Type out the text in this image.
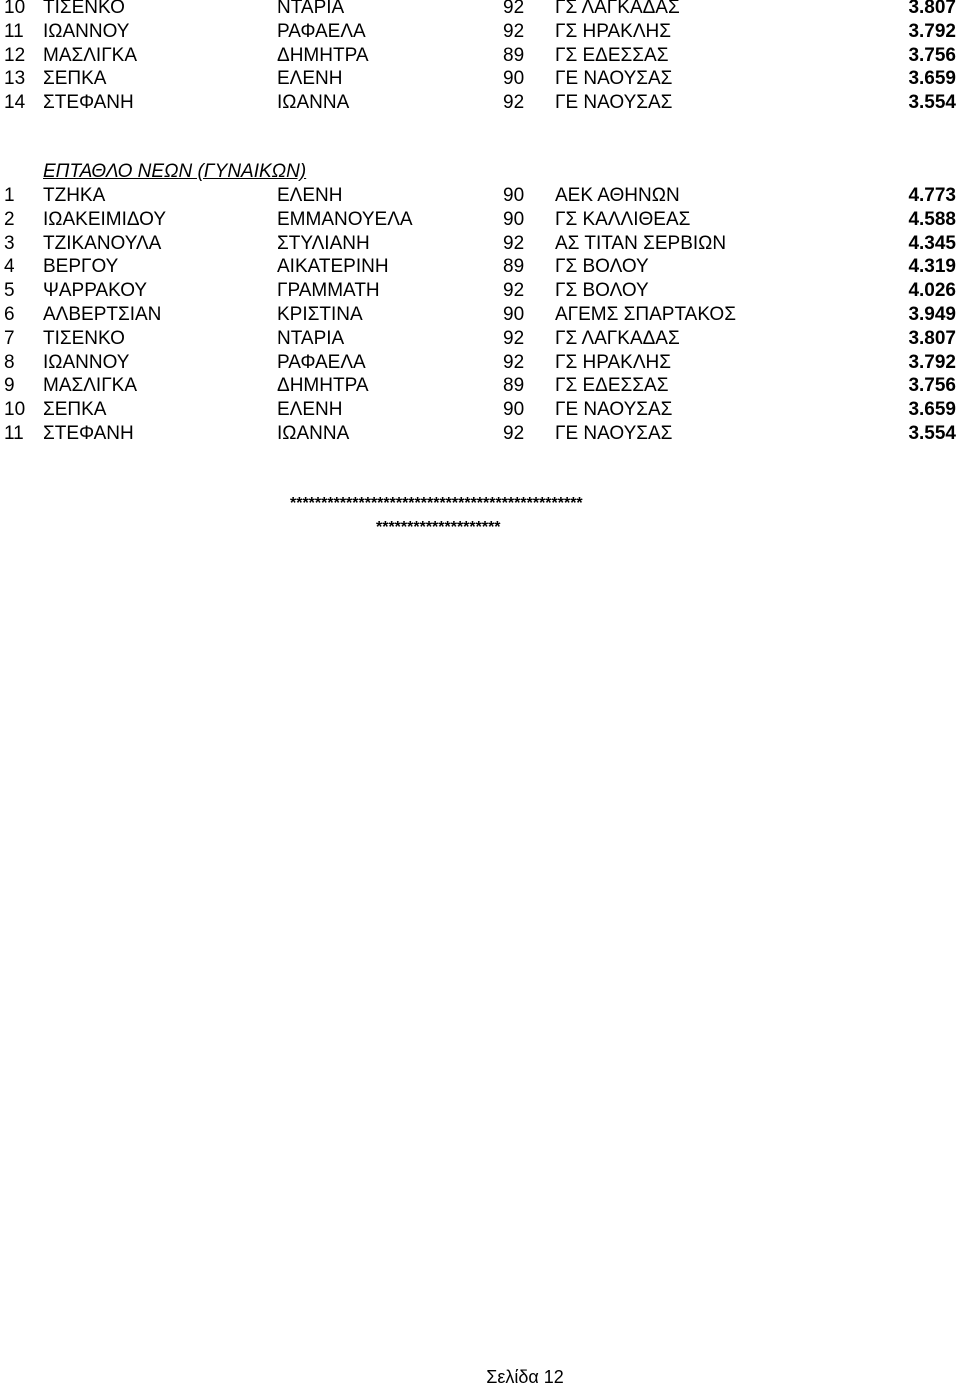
10 ΤΙΣΕΝΚΟ	ΝΤΑΡΙΑ	92 ΓΣ ΛΑΓΚΑΔΑΣ	3.807
11 ΙΩΑΝΝΟΥ	ΡΑΦΑΕΛΑ	92 ΓΣ ΗΡΑΚΛΗΣ	3.792
12 ΜΑΣΛΙΓΚΑ	ΔΗΜΗΤΡΑ	89 ΓΣ ΕΔΕΣΣΑΣ	3.756
13 ΣΕΠΚΑ	ΕΛΕΝΗ	90 ΓΕ ΝΑΟΥΣΑΣ	3.659
14 ΣΤΕΦΑΝΗ	ΙΩΑΝΝΑ	92 ΓΕ ΝΑΟΥΣΑΣ	3.554
ΕΠΤΑΘΛΟ ΝΕΩΝ (ΓΥΝΑΙΚΩΝ)
1 ΤΖΗΚΑ	ΕΛΕΝΗ	90 ΑΕΚ ΑΘΗΝΩΝ	4.773
2 ΙΩΑΚΕΙΜΙΔΟΥ	ΕΜΜΑΝΟΥΕΛΑ	90 ΓΣ ΚΑΛΛΙΘΕΑΣ	4.588
3 ΤΖΙΚΑΝΟΥΛΑ	ΣΤΥΛΙΑΝΗ	92 ΑΣ ΤΙΤΑΝ ΣΕΡΒΙΩΝ	4.345
4 ΒΕΡΓΟΥ	ΑΙΚΑΤΕΡΙΝΗ	89 ΓΣ ΒΟΛΟΥ	4.319
5 ΨΑΡΡΑΚΟΥ	ΓΡΑΜΜΑΤΗ	92 ΓΣ ΒΟΛΟΥ	4.026
6 ΑΛΒΕΡΤΣΙΑΝ	ΚΡΙΣΤΙΝΑ	90 ΑΓΕΜΣ ΣΠΑΡΤΑΚΟΣ	3.949
7 ΤΙΣΕΝΚΟ	ΝΤΑΡΙΑ	92 ΓΣ ΛΑΓΚΑΔΑΣ	3.807
8 ΙΩΑΝΝΟΥ	ΡΑΦΑΕΛΑ	92 ΓΣ ΗΡΑΚΛΗΣ	3.792
9 ΜΑΣΛΙΓΚΑ	ΔΗΜΗΤΡΑ	89 ΓΣ ΕΔΕΣΣΑΣ	3.756
10 ΣΕΠΚΑ	ΕΛΕΝΗ	90 ΓΕ ΝΑΟΥΣΑΣ	3.659
11 ΣΤΕΦΑΝΗ	ΙΩΑΝΝΑ	92 ΓΕ ΝΑΟΥΣΑΣ	3.554
***********************************************
********************
Σελίδα 12
